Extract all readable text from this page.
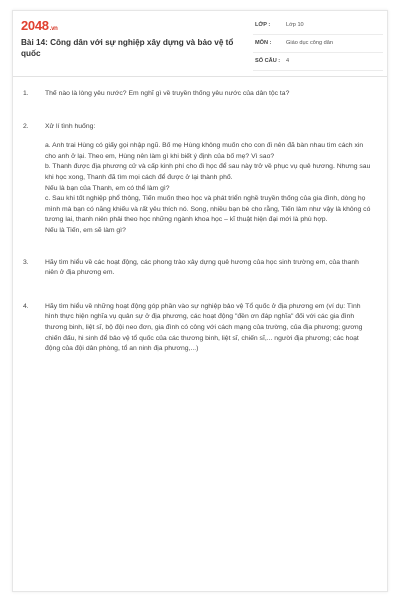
2048.vn
Bài 14: Công dân với sự nghiệp xây dựng và bảo vệ tổ quốc
LỚP :	Lớp 10
MÔN :	Giáo dục công dân
SỐ CÂU : 4
1. Thế nào là lòng yêu nước? Em nghĩ gì về truyền thống yêu nước của dân tộc ta?

2. Xử lí tình huống:

a. Anh trai Hùng có giấy gọi nhập ngũ. Bố mẹ Hùng không muốn cho con đi nên đã bàn nhau tìm cách xin cho anh ở lại. Theo em, Hùng nên làm gì khi biết ý định của bố mẹ? Vì sao?

b. Thanh được địa phương cử và cấp kinh phí cho đi học để sau này trở về phục vụ quê hương. Nhưng sau khi học xong, Thanh đã tìm mọi cách để được ở lại thành phố.

Nếu là bạn của Thanh, em có thể làm gì?

c. Sau khi tốt nghiệp phổ thông, Tiến muốn theo học và phát triển nghề truyền thống của gia đình, dòng họ mình mà bạn có năng khiếu và rất yêu thích nó. Song, nhiều bạn bè cho rằng, Tiến làm như vậy là không có tương lai, thanh niên phải theo học những ngành khoa học – kĩ thuật hiện đại mới là phù hợp.

Nếu là Tiến, em sẽ làm gì?

3. Hãy tìm hiểu về các hoạt động, các phong trào xây dựng quê hương của học sinh trường em, của thanh niên ở địa phương em.

4. Hãy tìm hiểu về những hoạt động góp phần vào sự nghiệp bảo vệ Tổ quốc ở địa phương em (ví dụ: Tình hình thực hiện nghĩa vụ quân sự ở địa phương, các hoạt động "đền ơn đáp nghĩa" đối với các gia đình thương binh, liệt sĩ, bộ đội neo đơn, gia đình có công với cách mạng của trường, của địa phương; gương chiến đấu, hi sinh để bảo vệ tổ quốc của các thương binh, liệt sĩ, chiến sĩ,... người địa phương; các hoạt động của đội dân phòng, tổ an ninh địa phương,...)
